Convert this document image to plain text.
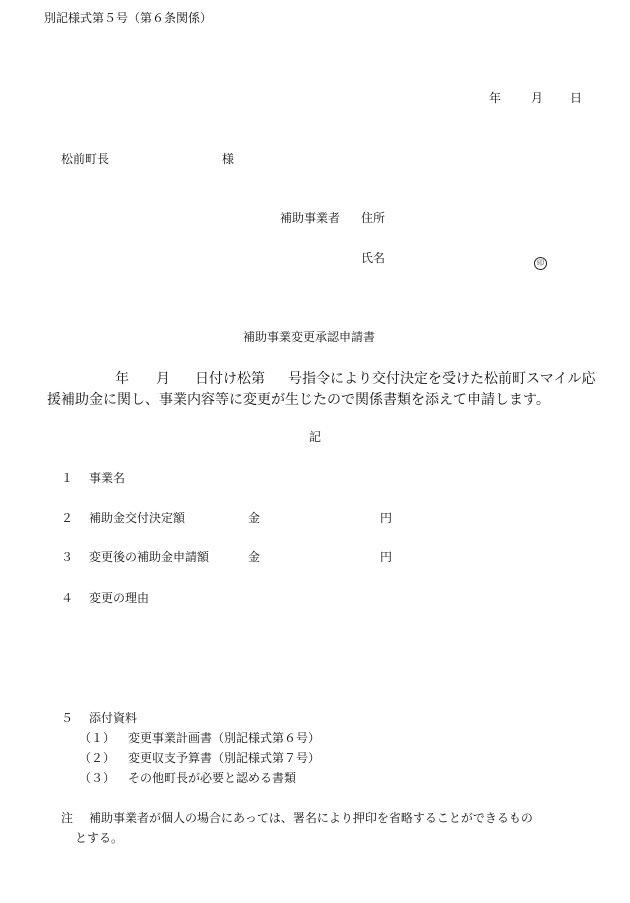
別記様式第５号（第６条関係）
年 月 日
松前町長	様
補助事業者 住所
氏名	印
補助事業変更承認申請書
年 月 日付け松第 号指令により交付決定を受けた松前町スマイル応
援補助金に関し、事業内容等に変更が生じたので関係書類を添えて申請します。
記
１ 事業名
２ 補助金交付決定額	金	円
３ 変更後の補助金申請額	金	円
４ 変更の理由
５ 添付資料
（１） 変更事業計画書（別記様式第６号）
（２） 変更収支予算書（別記様式第７号）
（３） その他町長が必要と認める書類
注 補助事業者が個人の場合にあっては、署名により押印を省略することができるもの
とする。
